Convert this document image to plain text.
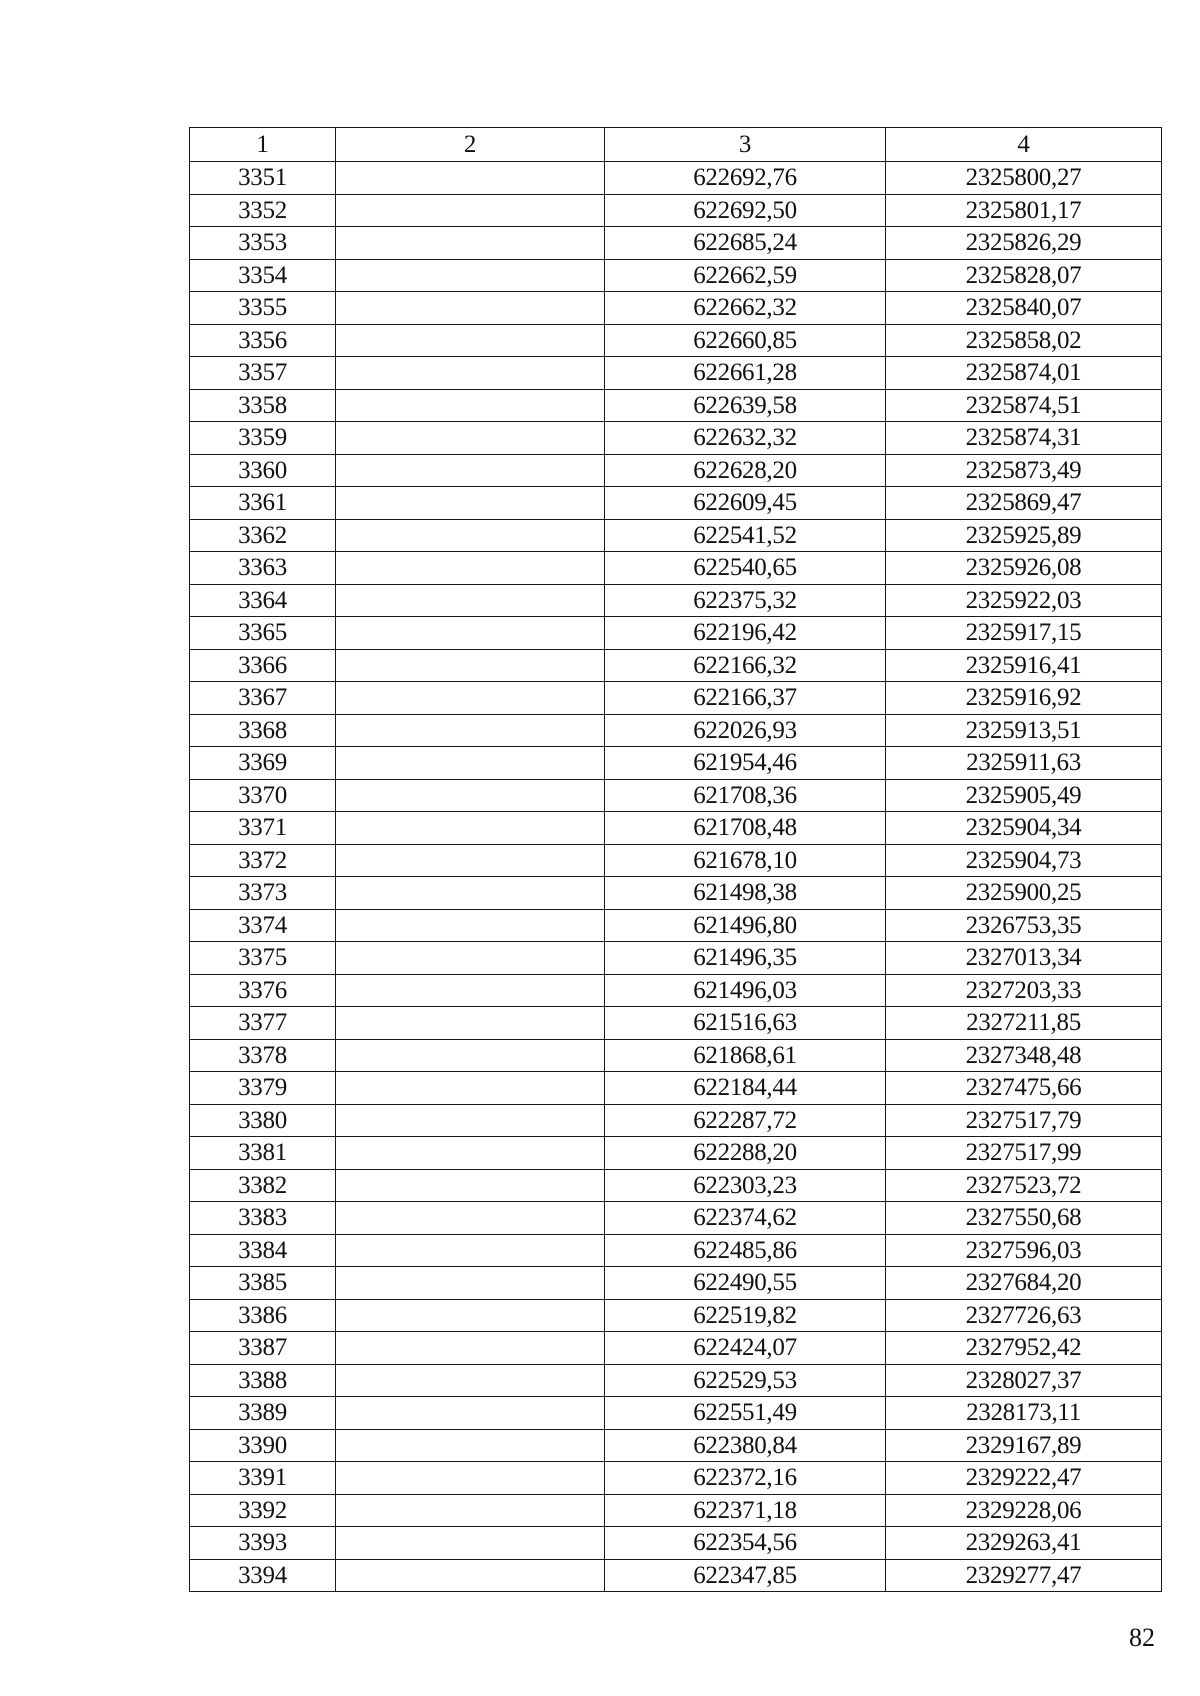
1	2	3	4
3351		622692,76	2325800,27
3352		622692,50	2325801,17
3353		622685,24	2325826,29
3354		622662,59	2325828,07
3355		622662,32	2325840,07
3356		622660,85	2325858,02
3357		622661,28	2325874,01
3358		622639,58	2325874,51
3359		622632,32	2325874,31
3360		622628,20	2325873,49
3361		622609,45	2325869,47
3362		622541,52	2325925,89
3363		622540,65	2325926,08
3364		622375,32	2325922,03
3365		622196,42	2325917,15
3366		622166,32	2325916,41
3367		622166,37	2325916,92
3368		622026,93	2325913,51
3369		621954,46	2325911,63
3370		621708,36	2325905,49
3371		621708,48	2325904,34
3372		621678,10	2325904,73
3373		621498,38	2325900,25
3374		621496,80	2326753,35
3375		621496,35	2327013,34
3376		621496,03	2327203,33
3377		621516,63	2327211,85
3378		621868,61	2327348,48
3379		622184,44	2327475,66
3380		622287,72	2327517,79
3381		622288,20	2327517,99
3382		622303,23	2327523,72
3383		622374,62	2327550,68
3384		622485,86	2327596,03
3385		622490,55	2327684,20
3386		622519,82	2327726,63
3387		622424,07	2327952,42
3388		622529,53	2328027,37
3389		622551,49	2328173,11
3390		622380,84	2329167,89
3391		622372,16	2329222,47
3392		622371,18	2329228,06
3393		622354,56	2329263,41
3394		622347,85	2329277,47
82
